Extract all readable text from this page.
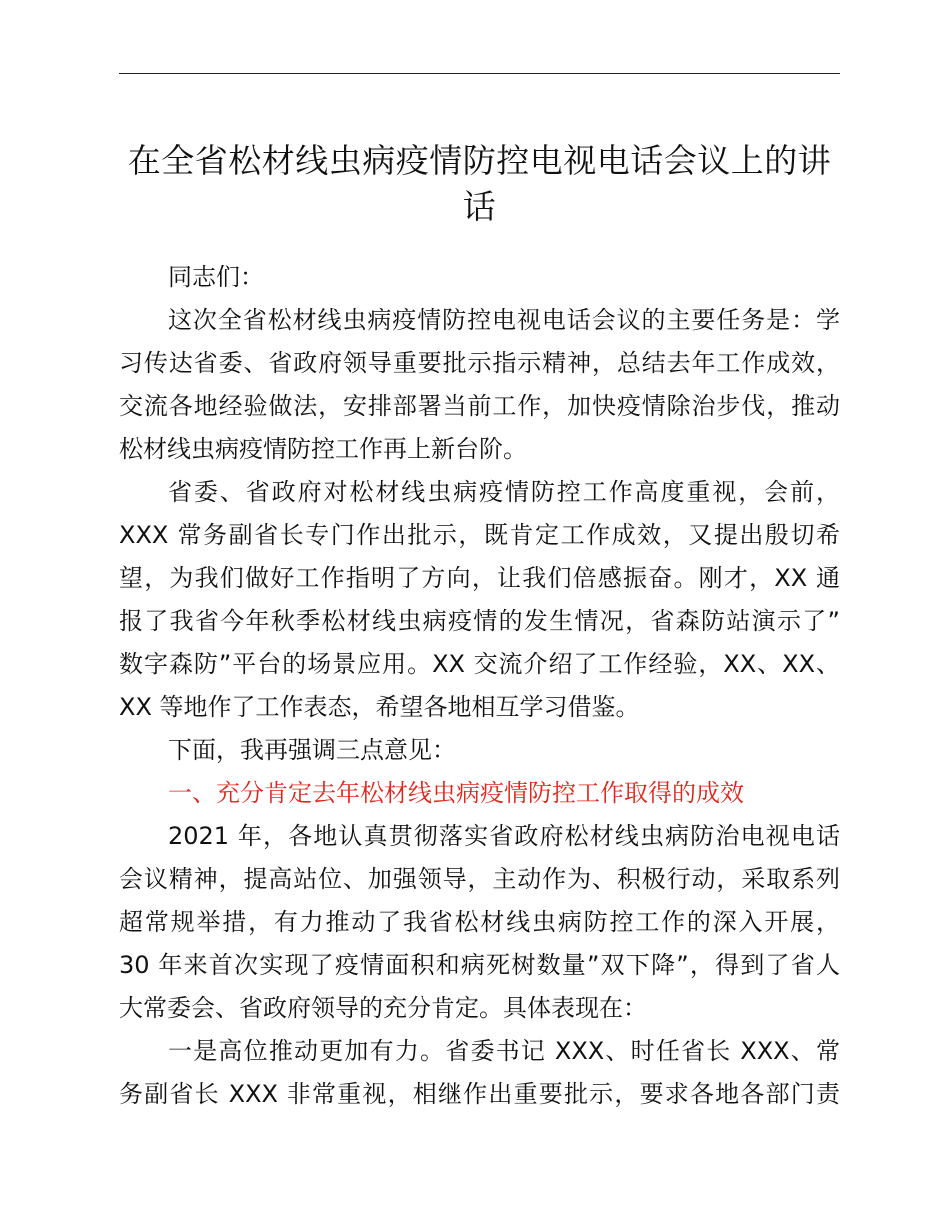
在全省松材线虫病疫情防控电视电话会议上的讲话
同志们：
这次全省松材线虫病疫情防控电视电话会议的主要任务是：学
习传达省委、省政府领导重要批示指示精神，总结去年工作成效，
交流各地经验做法，安排部署当前工作，加快疫情除治步伐，推动
松材线虫病疫情防控工作再上新台阶。
省委、省政府对松材线虫病疫情防控工作高度重视，会前，
XXX 常务副省长专门作出批示，既肯定工作成效，又提出殷切希
望，为我们做好工作指明了方向，让我们倍感振奋。刚才，XX 通
报了我省今年秋季松材线虫病疫情的发生情况，省森防站演示了”
数字森防”平台的场景应用。XX 交流介绍了工作经验，XX、XX、
XX 等地作了工作表态，希望各地相互学习借鉴。
下面，我再强调三点意见：
一、充分肯定去年松材线虫病疫情防控工作取得的成效
2021 年，各地认真贯彻落实省政府松材线虫病防治电视电话
会议精神，提高站位、加强领导，主动作为、积极行动，采取系列
超常规举措，有力推动了我省松材线虫病防控工作的深入开展，
30 年来首次实现了疫情面积和病死树数量”双下降”，得到了省人
大常委会、省政府领导的充分肯定。具体表现在：
一是高位推动更加有力。省委书记 XXX、时任省长 XXX、常
务副省长 XXX 非常重视，相继作出重要批示，要求各地各部门责
